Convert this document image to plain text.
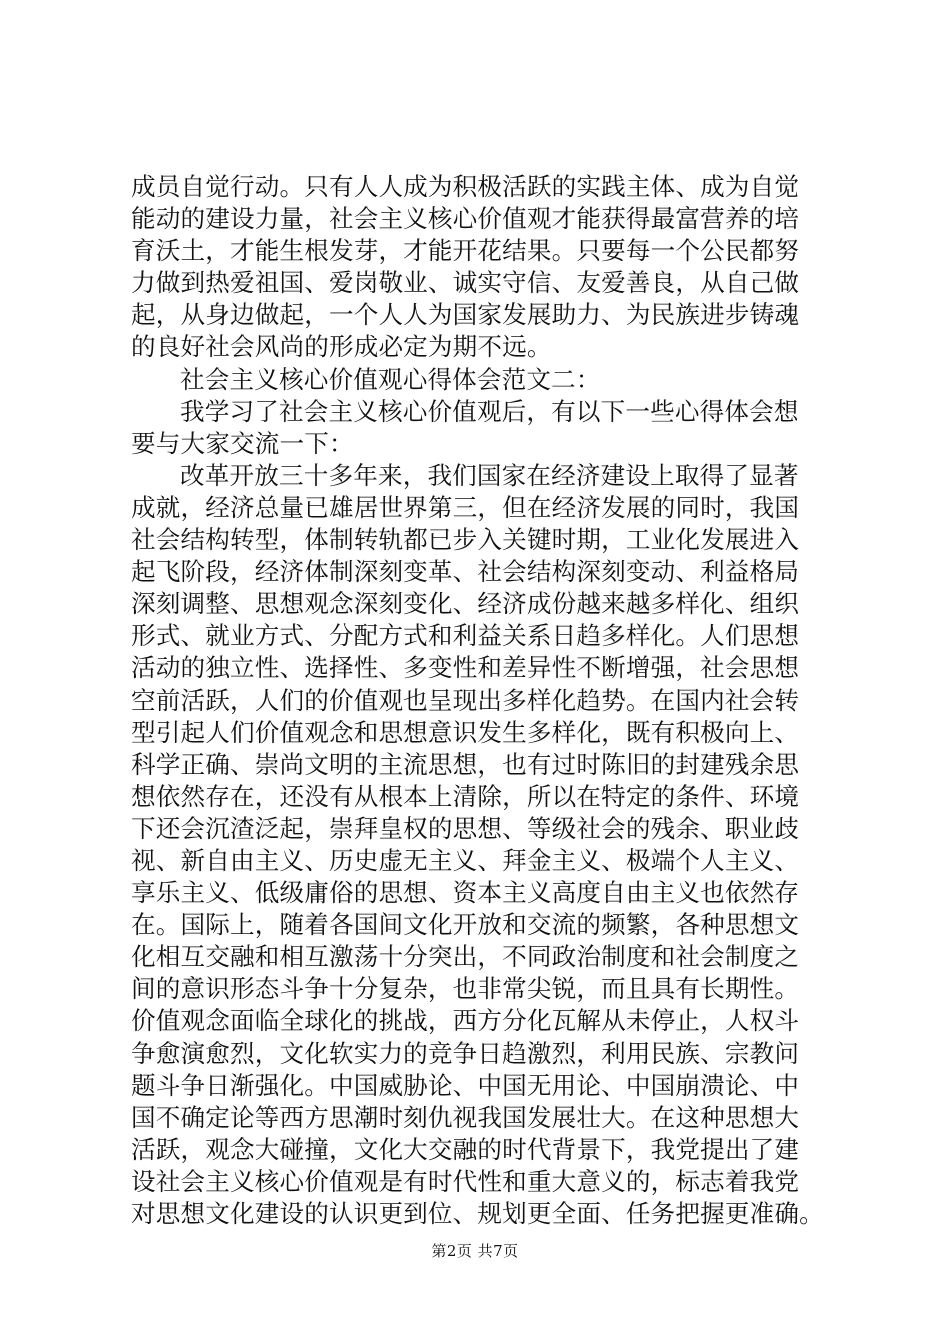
成员自觉行动。只有人人成为积极活跃的实践主体、成为自觉
能动的建设力量，社会主义核心价值观才能获得最富营养的培
育沃土，才能生根发芽，才能开花结果。只要每一个公民都努
力做到热爱祖国、爱岗敬业、诚实守信、友爱善良，从自己做
起，从身边做起，一个人人为国家发展助力、为民族进步铸魂
的良好社会风尚的形成必定为期不远。
社会主义核心价值观心得体会范文二：
我学习了社会主义核心价值观后，有以下一些心得体会想
要与大家交流一下：
改革开放三十多年来，我们国家在经济建设上取得了显著
成就，经济总量已雄居世界第三，但在经济发展的同时，我国
社会结构转型，体制转轨都已步入关键时期，工业化发展进入
起飞阶段，经济体制深刻变革、社会结构深刻变动、利益格局
深刻调整、思想观念深刻变化、经济成份越来越多样化、组织
形式、就业方式、分配方式和利益关系日趋多样化。人们思想
活动的独立性、选择性、多变性和差异性不断增强，社会思想
空前活跃，人们的价值观也呈现出多样化趋势。在国内社会转
型引起人们价值观念和思想意识发生多样化，既有积极向上、
科学正确、崇尚文明的主流思想，也有过时陈旧的封建残余思
想依然存在，还没有从根本上清除，所以在特定的条件、环境
下还会沉渣泛起，崇拜皇权的思想、等级社会的残余、职业歧
视、新自由主义、历史虚无主义、拜金主义、极端个人主义、
享乐主义、低级庸俗的思想、资本主义高度自由主义也依然存
在。国际上，随着各国间文化开放和交流的频繁，各种思想文
化相互交融和相互激荡十分突出，不同政治制度和社会制度之
间的意识形态斗争十分复杂，也非常尖锐，而且具有长期性。
价值观念面临全球化的挑战，西方分化瓦解从未停止，人权斗
争愈演愈烈，文化软实力的竞争日趋激烈，利用民族、宗教问
题斗争日渐强化。中国威胁论、中国无用论、中国崩溃论、中
国不确定论等西方思潮时刻仇视我国发展壮大。在这种思想大
活跃，观念大碰撞，文化大交融的时代背景下，我党提出了建
设社会主义核心价值观是有时代性和重大意义的，标志着我党
对思想文化建设的认识更到位、规划更全面、任务把握更准确。
第2页 共7页
